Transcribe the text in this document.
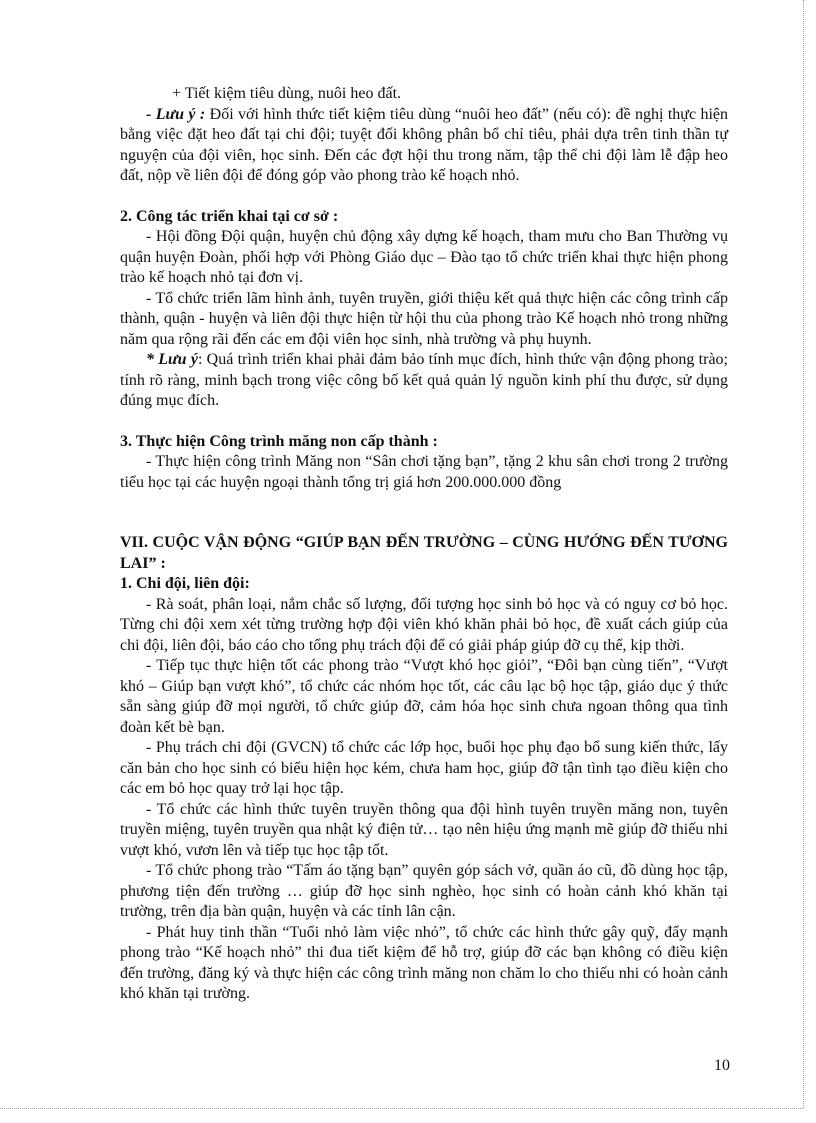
+ Tiết kiệm tiêu dùng, nuôi heo đất.

- Lưu ý : Đối với hình thức tiết kiệm tiêu dùng “nuôi heo đất” (nếu có): đề nghị thực hiện bằng việc đặt heo đất tại chi đội; tuyệt đối không phân bổ chỉ tiêu, phải dựa trên tinh thần tự nguyện của đội viên, học sinh. Đến các đợt hội thu trong năm, tập thể chi đội làm lễ đập heo đất, nộp về liên đội để đóng góp vào phong trào kế hoạch nhỏ.

2. Công tác triển khai tại cơ sở :

- Hội đồng Đội quận, huyện chủ động xây dựng kế hoạch, tham mưu cho Ban Thường vụ quận huyện Đoàn, phối hợp với Phòng Giáo dục – Đào tạo tổ chức triển khai thực hiện phong trào kế hoạch nhỏ tại đơn vị.

- Tổ chức triển lãm hình ảnh, tuyên truyền, giới thiệu kết quả thực hiện các công trình cấp thành, quận - huyện và liên đội thực hiện từ hội thu của phong trào Kế hoạch nhỏ trong những năm qua rộng rãi đến các em đội viên học sinh, nhà trường và phụ huynh.

* Lưu ý: Quá trình triển khai phải đảm bảo tính mục đích, hình thức vận động phong trào; tính rõ ràng, minh bạch trong việc công bố kết quả quản lý nguồn kinh phí thu được, sử dụng đúng mục đích.

3. Thực hiện Công trình măng non cấp thành :

- Thực hiện công trình Măng non “Sân chơi tặng bạn”, tặng 2 khu sân chơi trong 2 trường tiểu học tại các huyện ngoại thành tổng trị giá hơn 200.000.000 đồng

VII. CUỘC VẬN ĐỘNG “GIÚP BẠN ĐẾN TRƯỜNG – CÙNG HƯỚNG ĐẾN TƯƠNG LAI” :
1. Chi đội, liên đội:

- Rà soát, phân loại, nắm chắc số lượng, đối tượng học sinh bỏ học và có nguy cơ bỏ học. Từng chi đội xem xét từng trường hợp đội viên khó khăn phải bỏ học, đề xuất cách giúp của chi đội, liên đội, báo cáo cho tổng phụ trách đội để có giải pháp giúp đỡ cụ thể, kịp thời.

- Tiếp tục thực hiện tốt các phong trào “Vượt khó học giỏi”, “Đôi bạn cùng tiến”, “Vượt khó – Giúp bạn vượt khó”, tổ chức các nhóm học tốt, các câu lạc bộ học tập, giáo dục ý thức sẵn sàng giúp đỡ mọi người, tổ chức giúp đỡ, cảm hóa học sinh chưa ngoan thông qua tình đoàn kết bè bạn.

- Phụ trách chi đội (GVCN) tổ chức các lớp học, buổi học phụ đạo bổ sung kiến thức, lấy căn bản cho học sinh có biểu hiện học kém, chưa ham học, giúp đỡ tận tình tạo điều kiện cho các em bỏ học quay trở lại học tập.

- Tổ chức các hình thức tuyên truyền thông qua đội hình tuyên truyền măng non, tuyên truyền miệng, tuyên truyền qua nhật ký điện tử… tạo nên hiệu ứng mạnh mẽ giúp đỡ thiếu nhi vượt khó, vươn lên và tiếp tục học tập tốt.

- Tổ chức phong trào “Tấm áo tặng bạn” quyên góp sách vở, quần áo cũ, đồ dùng học tập, phương tiện đến trường … giúp đỡ học sinh nghèo, học sinh có hoàn cảnh khó khăn tại trường, trên địa bàn quận, huyện và các tỉnh lân cận.

- Phát huy tinh thần “Tuổi nhỏ làm việc nhỏ”, tổ chức các hình thức gây quỹ, đẩy mạnh phong trào “Kế hoạch nhỏ” thi đua tiết kiệm để hỗ trợ, giúp đỡ các bạn không có điều kiện đến trường, đăng ký và thực hiện các công trình măng non chăm lo cho thiếu nhi có hoàn cảnh khó khăn tại trường.

10
